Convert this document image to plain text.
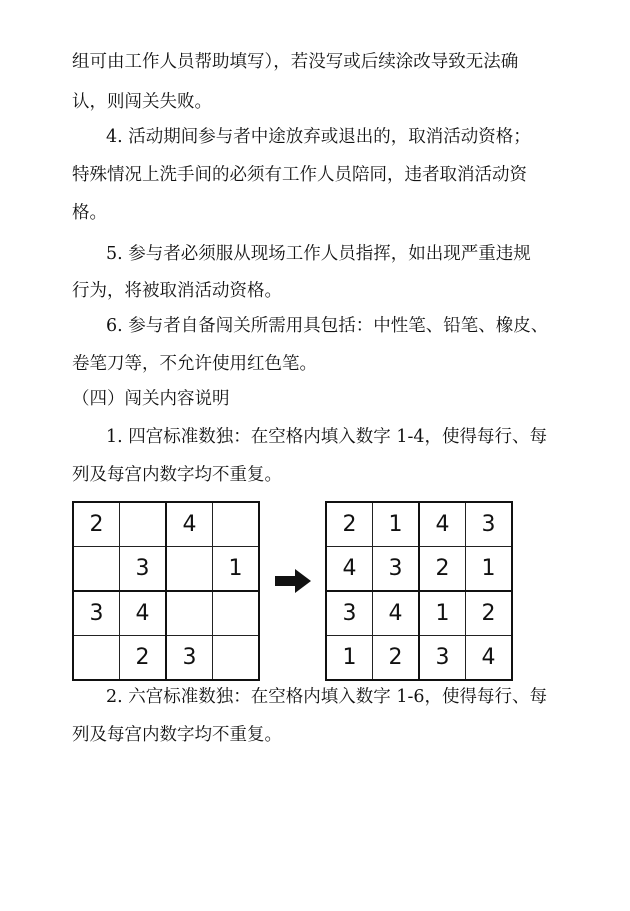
组可由工作人员帮助填写），若没写或后续涂改导致无法确

认，则闯关失败。

4. 活动期间参与者中途放弃或退出的，取消活动资格；

特殊情况上洗手间的必须有工作人员陪同，违者取消活动资

格。

5. 参与者必须服从现场工作人员指挥，如出现严重违规

行为，将被取消活动资格。

6. 参与者自备闯关所需用具包括：中性笔、铅笔、橡皮、

卷笔刀等，不允许使用红色笔。

（四）闯关内容说明

1. 四宫标准数独：在空格内填入数字 1-4，使得每行、每

列及每宫内数字均不重复。

2		4	
	3		1
3	4		
	2	3	
2	1	4	3
4	3	2	1
3	4	1	2
1	2	3	4

2. 六宫标准数独：在空格内填入数字 1-6，使得每行、每

列及每宫内数字均不重复。
